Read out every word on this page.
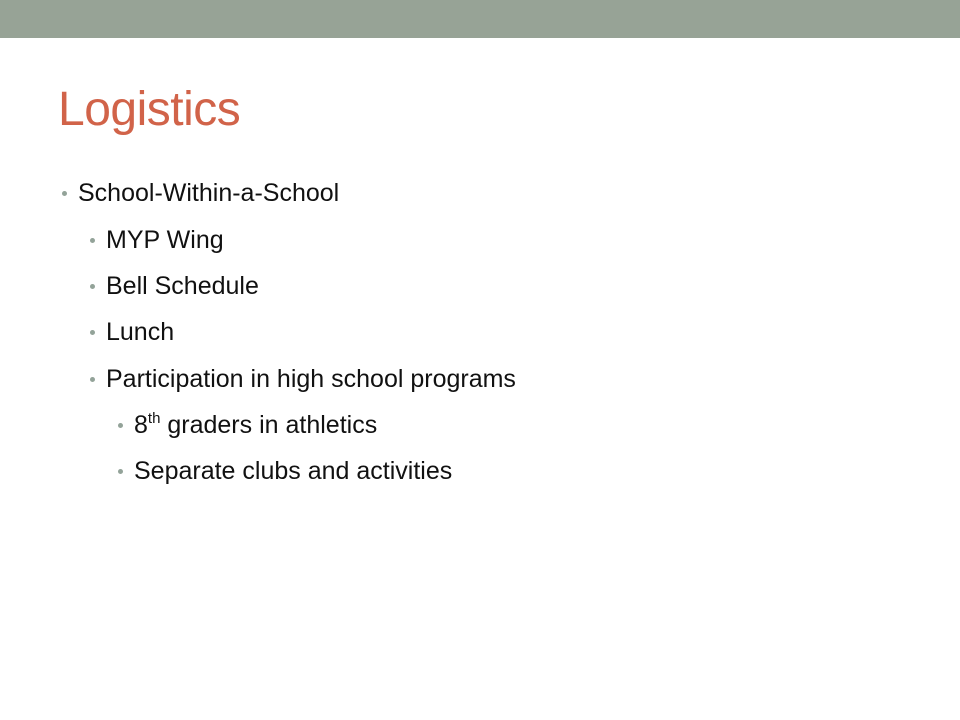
Logistics
School-Within-a-School
MYP Wing
Bell Schedule
Lunch
Participation in high school programs
8th graders in athletics
Separate clubs and activities
